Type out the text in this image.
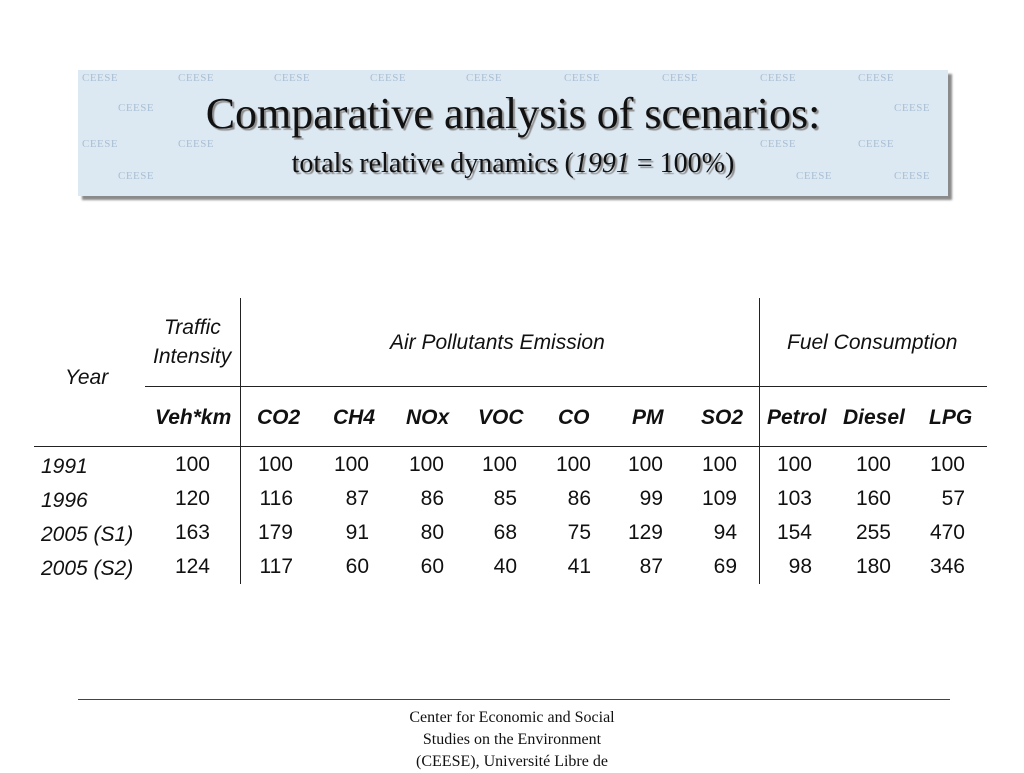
CEESE	CEESE	CEESE	CEESE	CEESE	CEESE	CEESE	CEESE	CEESE
CEESE	CEESE
CEESE	CEESE	CEESE	CEESE
CEESE	CEESE	CEESE
Comparative analysis of scenarios:
totals relative dynamics (1991 = 100%)
Year
Traffic
Intensity
Air Pollutants Emission	Fuel Consumption
Veh*km CO2 CH4 NOx VOC CO PM SO2 Petrol Diesel LPG
1991	100	100	100	100	100	100	100	100	100	100	100
1996	120	116	87	86	85	86	99	109	103	160	57
2005 (S1)	163	179	91	80	68	75	129	94	154	255	470
2005 (S2)	124	117	60	60	40	41	87	69	98	180	346
Center for Economic and Social
Studies on the Environment
(CEESE), Université Libre de
